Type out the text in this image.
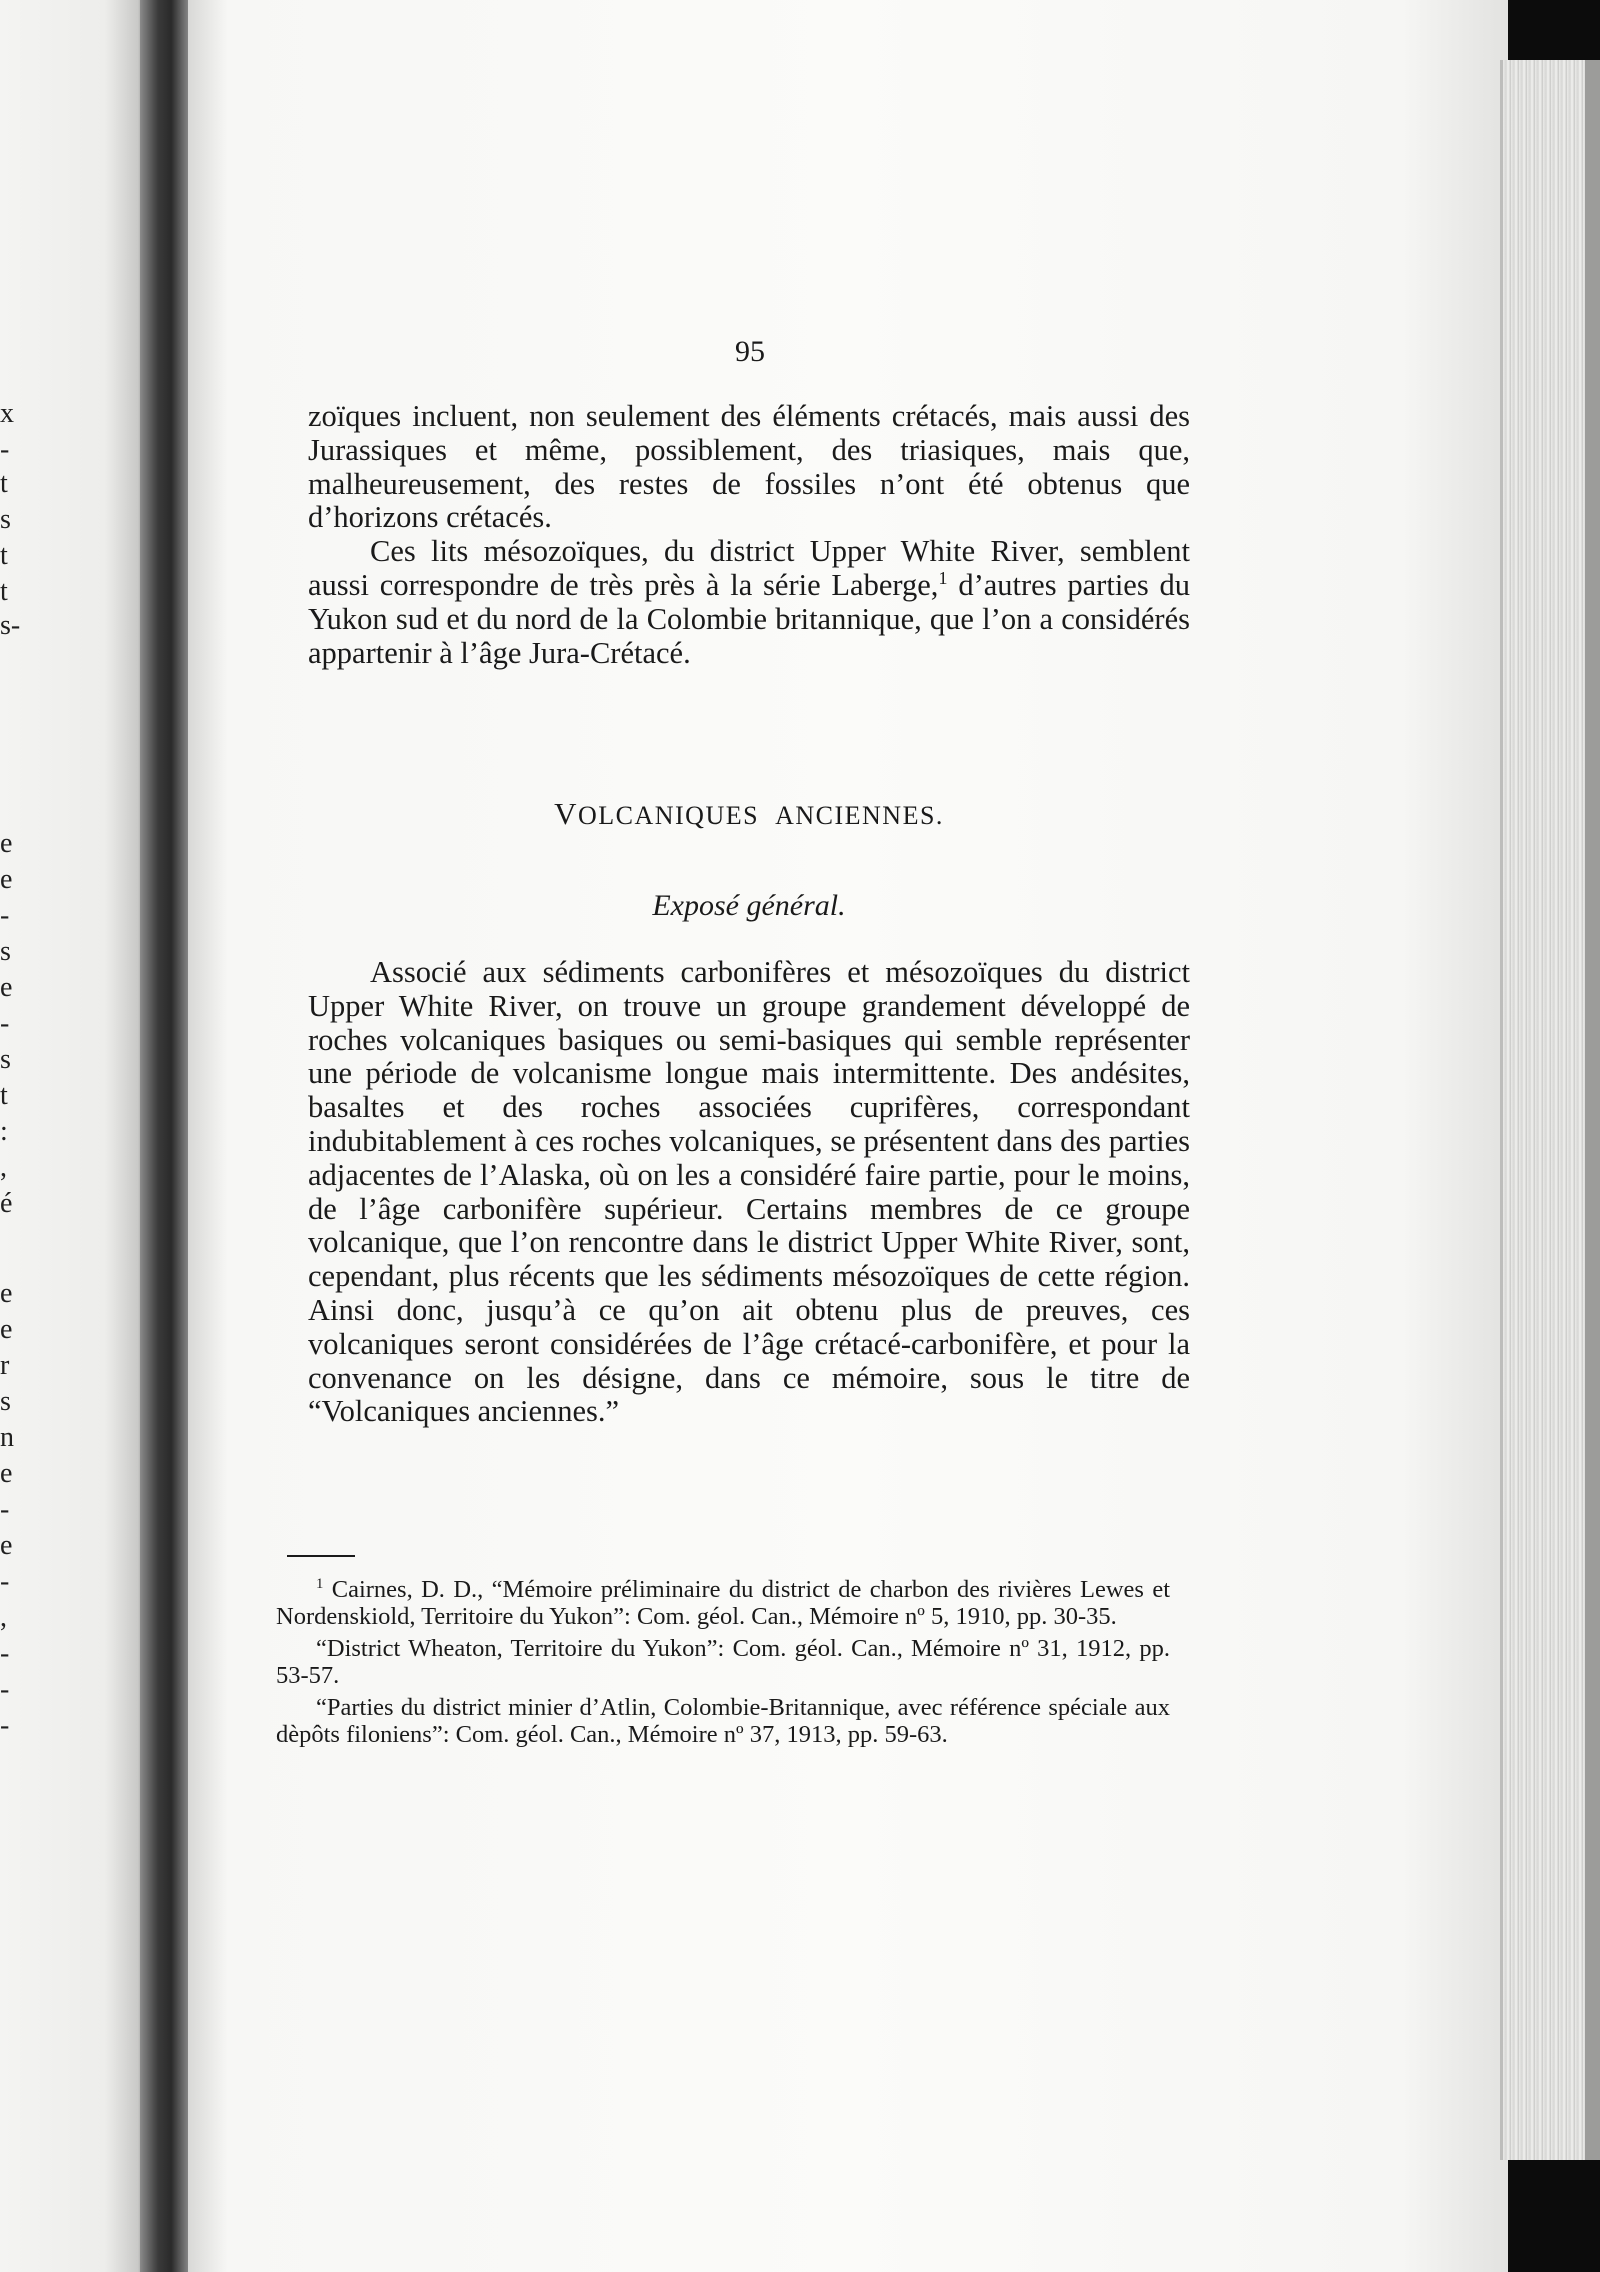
x
-
t
s
t
t
s-
e
e
-
s
e
-
s
t
:
,
é
e
e
r
s
n
e
-
e
-
,
-
-
-
95

zoïques incluent, non seulement des éléments crétacés, mais aussi des Jurassiques et même, possiblement, des triasiques, mais que, malheureusement, des restes de fossiles n’ont été obtenus que d’horizons crétacés.

Ces lits mésozoïques, du district Upper White River, semblent aussi correspondre de très près à la série Laberge,$^1$ d’autres parties du Yukon sud et du nord de la Colombie britannique, que l’on a considérés appartenir à l’âge Jura-Crétacé.

VOLCANIQUES ANCIENNES.
Exposé général.

Associé aux sédiments carbonifères et mésozoïques du district Upper White River, on trouve un groupe grandement développé de roches volcaniques basiques ou semi-basiques qui semble représenter une période de volcanisme longue mais intermittente. Des andésites, basaltes et des roches associées cuprifères, correspondant indubitablement à ces roches volcaniques, se présentent dans des parties adjacentes de l’Alaska, où on les a considéré faire partie, pour le moins, de l’âge carbonifère supérieur. Certains membres de ce groupe volcanique, que l’on rencontre dans le district Upper White River, sont, cependant, plus récents que les sédiments mésozoïques de cette région. Ainsi donc, jusqu’à ce qu’on ait obtenu plus de preuves, ces volcaniques seront considérées de l’âge crétacé-carbonifère, et pour la convenance on les désigne, dans ce mémoire, sous le titre de “Volcaniques anciennes.”

$^1$ Cairnes, D. D., “Mémoire préliminaire du district de charbon des rivières Lewes et Nordenskiold, Territoire du Yukon”: Com. géol. Can., Mémoire nº 5, 1910, pp. 30-35.

“District Wheaton, Territoire du Yukon”: Com. géol. Can., Mémoire nº 31, 1912, pp. 53-57.

“Parties du district minier d’Atlin, Colombie-Britannique, avec référence spéciale aux dèpôts filoniens”: Com. géol. Can., Mémoire nº 37, 1913, pp. 59-63.
